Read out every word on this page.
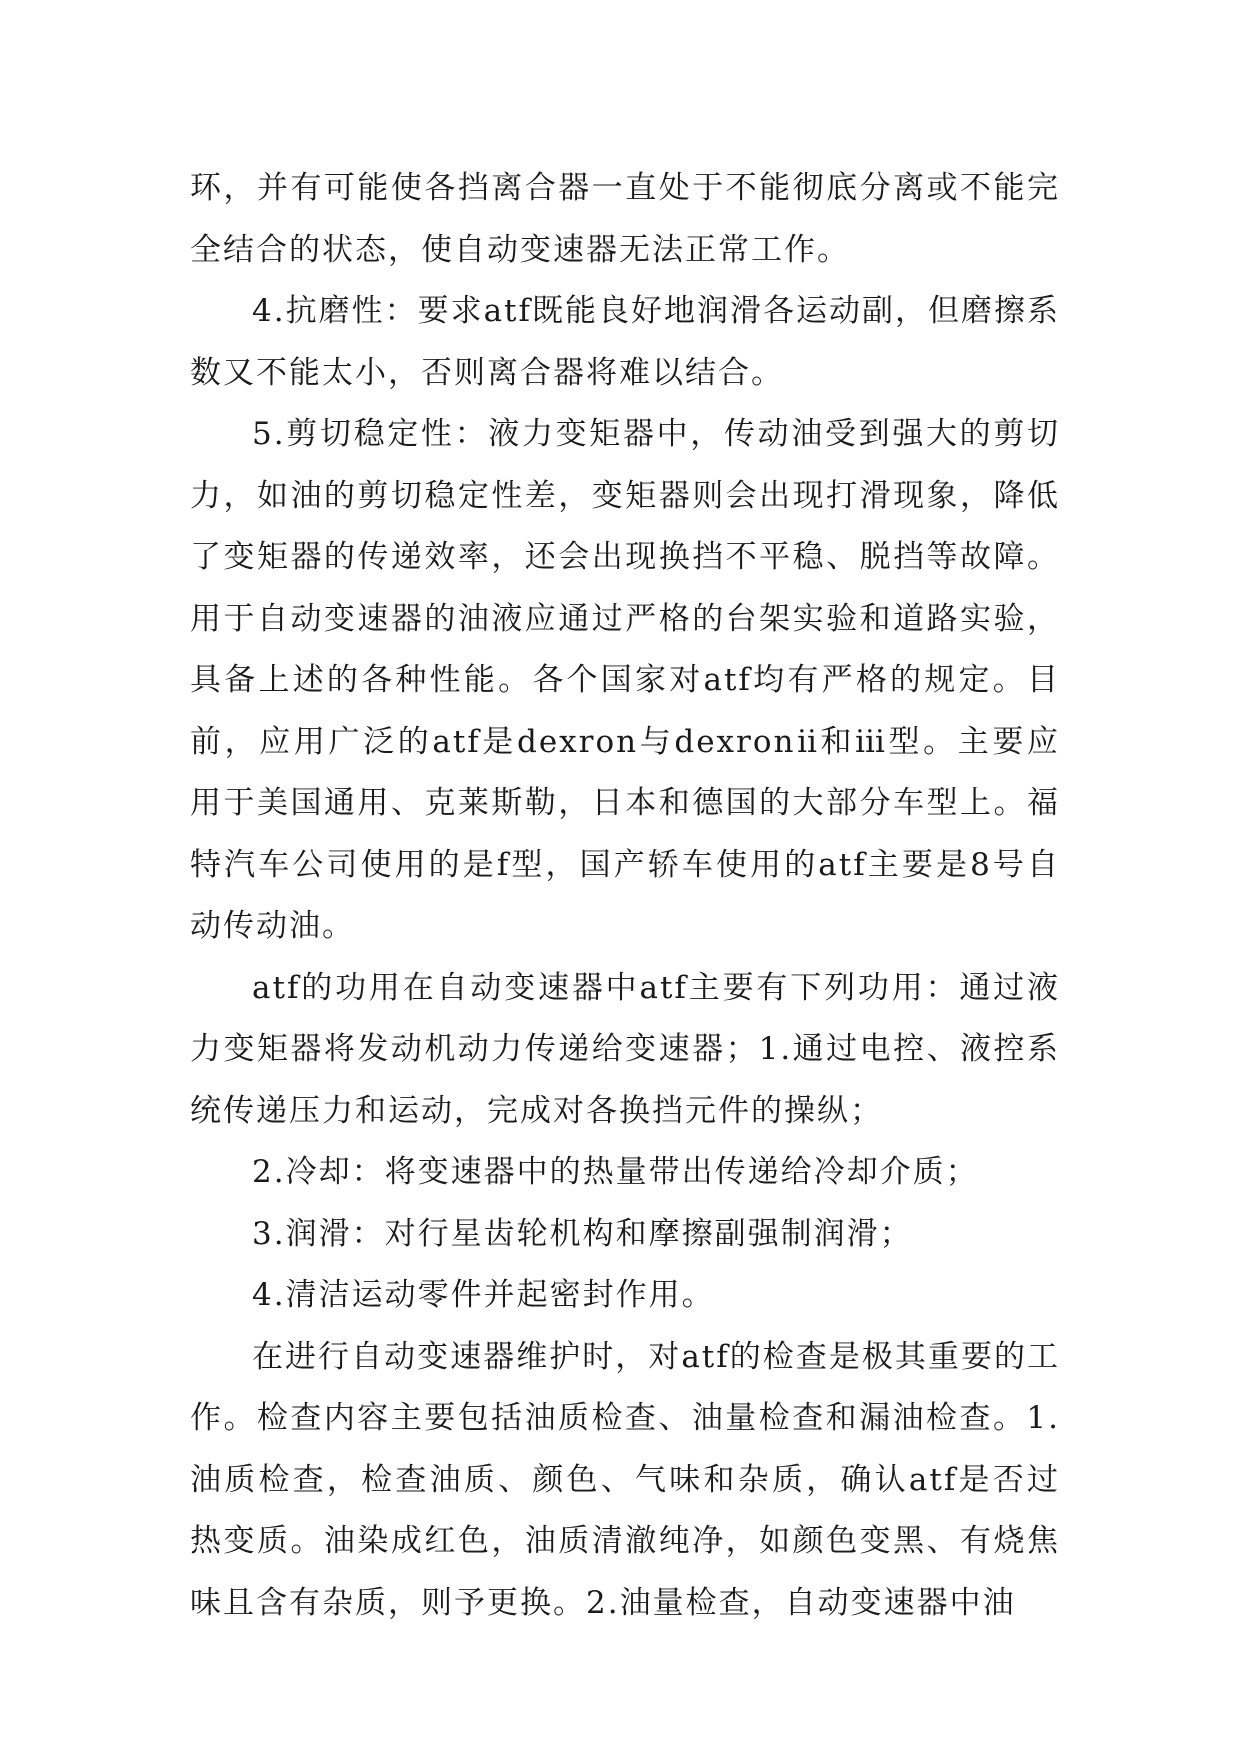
环，并有可能使各挡离合器一直处于不能彻底分离或不能完全结合的状态，使自动变速器无法正常工作。

4.抗磨性：要求atf既能良好地润滑各运动副，但磨擦系数又不能太小，否则离合器将难以结合。

5.剪切稳定性：液力变矩器中，传动油受到强大的剪切力，如油的剪切稳定性差，变矩器则会出现打滑现象，降低了变矩器的传递效率，还会出现换挡不平稳、脱挡等故障。用于自动变速器的油液应通过严格的台架实验和道路实验，具备上述的各种性能。各个国家对atf均有严格的规定。目前，应用广泛的atf是dexron与dexronⅱ和ⅲ型。主要应用于美国通用、克莱斯勒，日本和德国的大部分车型上。福特汽车公司使用的是f型，国产轿车使用的atf主要是8号自动传动油。

atf的功用在自动变速器中atf主要有下列功用：通过液力变矩器将发动机动力传递给变速器；1.通过电控、液控系统传递压力和运动，完成对各换挡元件的操纵；

2.冷却：将变速器中的热量带出传递给冷却介质；

3.润滑：对行星齿轮机构和摩擦副强制润滑；

4.清洁运动零件并起密封作用。

在进行自动变速器维护时，对atf的检查是极其重要的工作。检查内容主要包括油质检查、油量检查和漏油检查。1.油质检查，检查油质、颜色、气味和杂质，确认atf是否过热变质。油染成红色，油质清澈纯净，如颜色变黑、有烧焦味且含有杂质，则予更换。2.油量检查，自动变速器中油
